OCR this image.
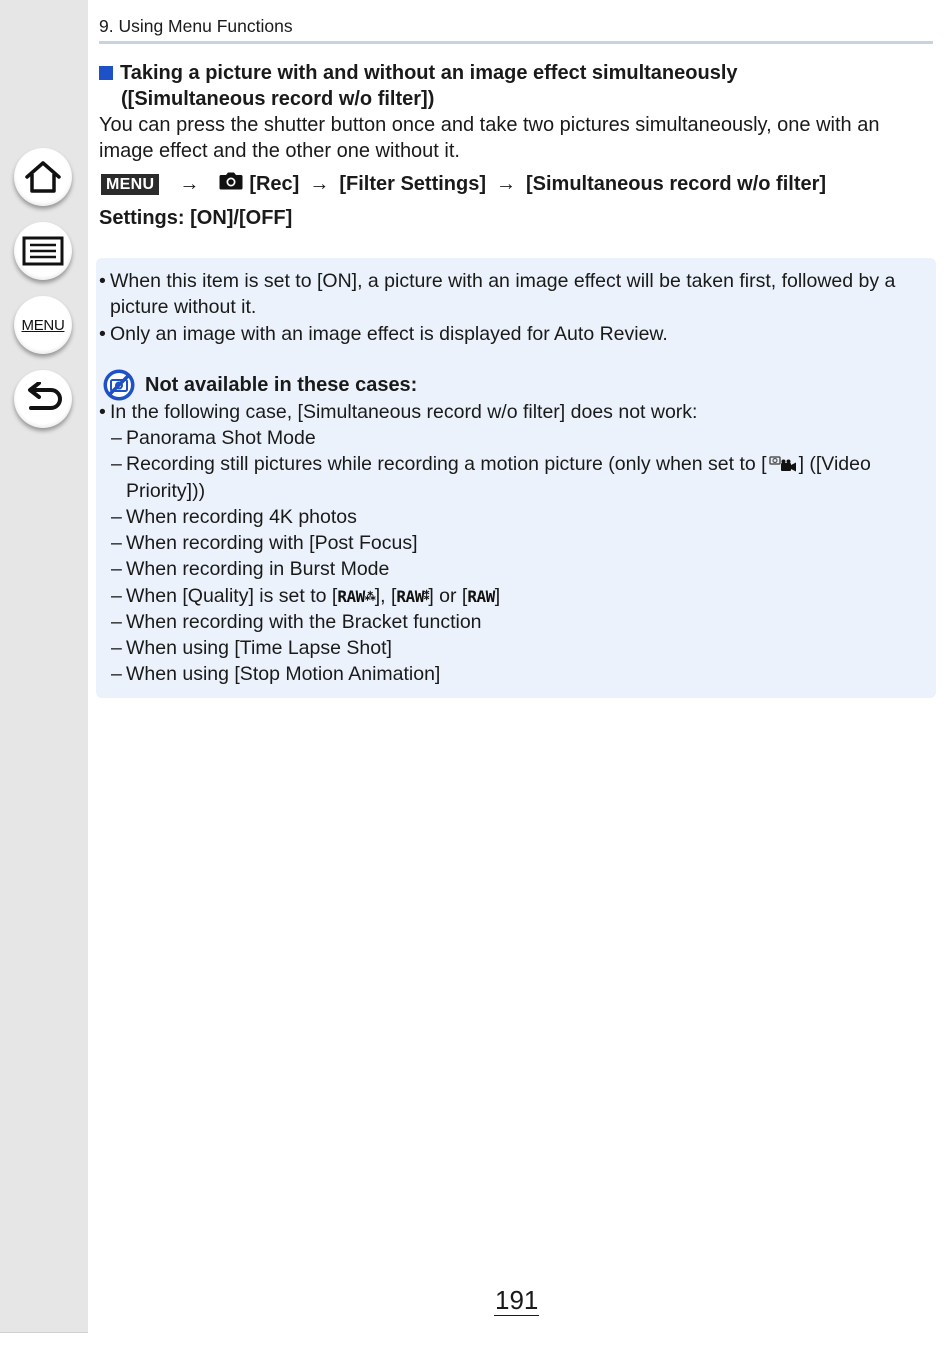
MENU
9. Using Menu Functions
Taking a picture with and without an image effect simultaneously
([Simultaneous record w/o filter])
You can press the shutter button once and take two pictures simultaneously, one with an
image effect and the other one without it.
MENU →	[Rec] → [Filter Settings] → [Simultaneous record w/o filter]
Settings: [ON]/[OFF]
• When this item is set to [ON], a picture with an image effect will be taken first, followed by a
picture without it.
• Only an image with an image effect is displayed for Auto Review.
Not available in these cases:
• In the following case, [Simultaneous record w/o filter] does not work:
– Panorama Shot Mode
– Recording still pictures while recording a motion picture (only when set to [ ] ([Video
Priority]))
– When recording 4K photos
– When recording with [Post Focus]
– When recording in Burst Mode
– When [Quality] is set to [RAW⁂], [RAW⁑] or [RAW]
– When recording with the Bracket function
– When using [Time Lapse Shot]
– When using [Stop Motion Animation]
191
